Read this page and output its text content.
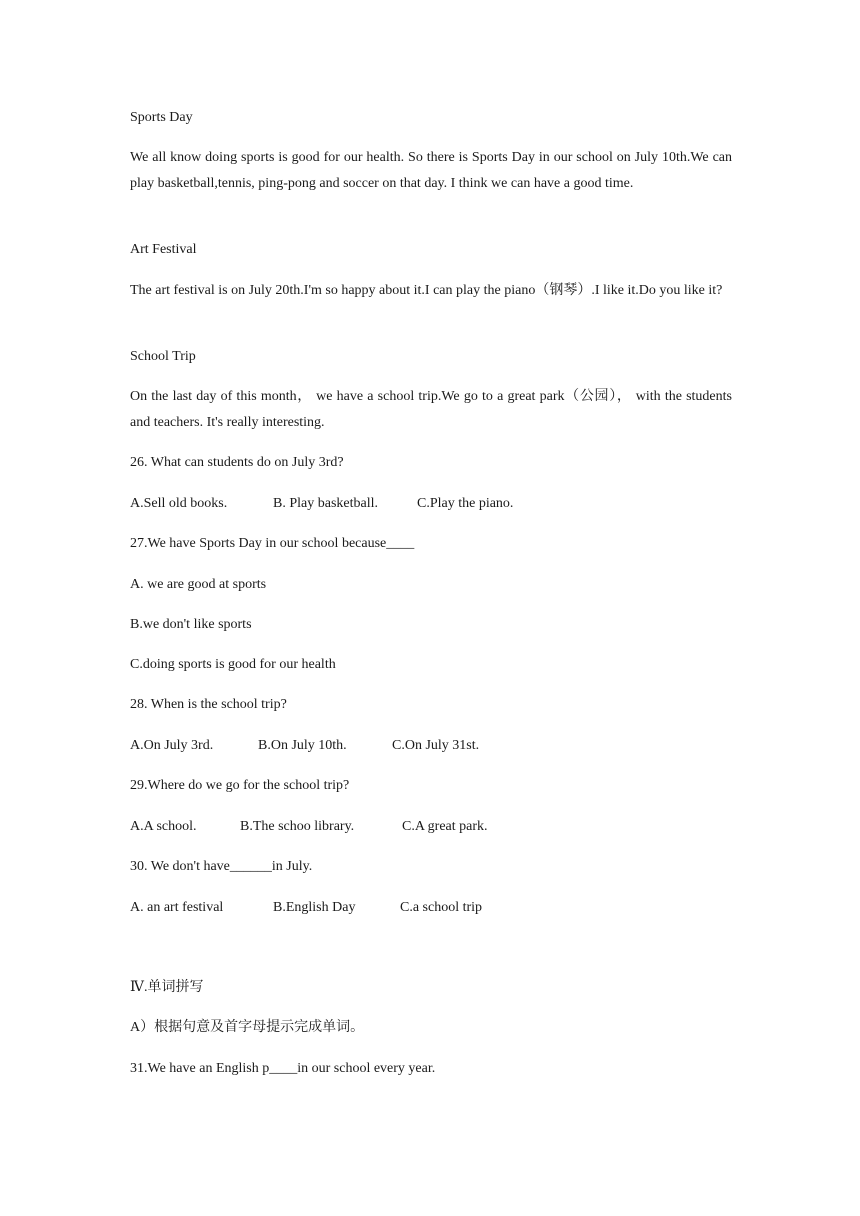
Sports Day
We all know doing sports is good for our health. So there is Sports Day in our school on July 10th.We can play basketball,tennis, ping-pong and soccer on that day. I think we can have a good time.
Art Festival
The art festival is on July 20th.I'm so happy about it.I can play the piano（钢琴）.I like it.Do you like it?
School Trip
On the last day of this month， we have a school trip.We go to a great park（公园）， with the students and teachers. It's really interesting.
26. What can students do on July 3rd?
A.Sell old books.	B. Play basketball.	C.Play the piano.
27.We have Sports Day in our school because____
A. we are good at sports
B.we don't like sports
C.doing sports is good for our health
28. When is the school trip?
A.On July 3rd.	B.On July 10th.	C.On July 31st.
29.Where do we go for the school trip?
A.A school.	B.The schoo library.	C.A great park.
30. We don't have______in July.
A. an art festival	B.English Day	C.a school trip
Ⅳ.单词拼写
A）根据句意及首字母提示完成单词。
31.We have an English p____in our school every year.
